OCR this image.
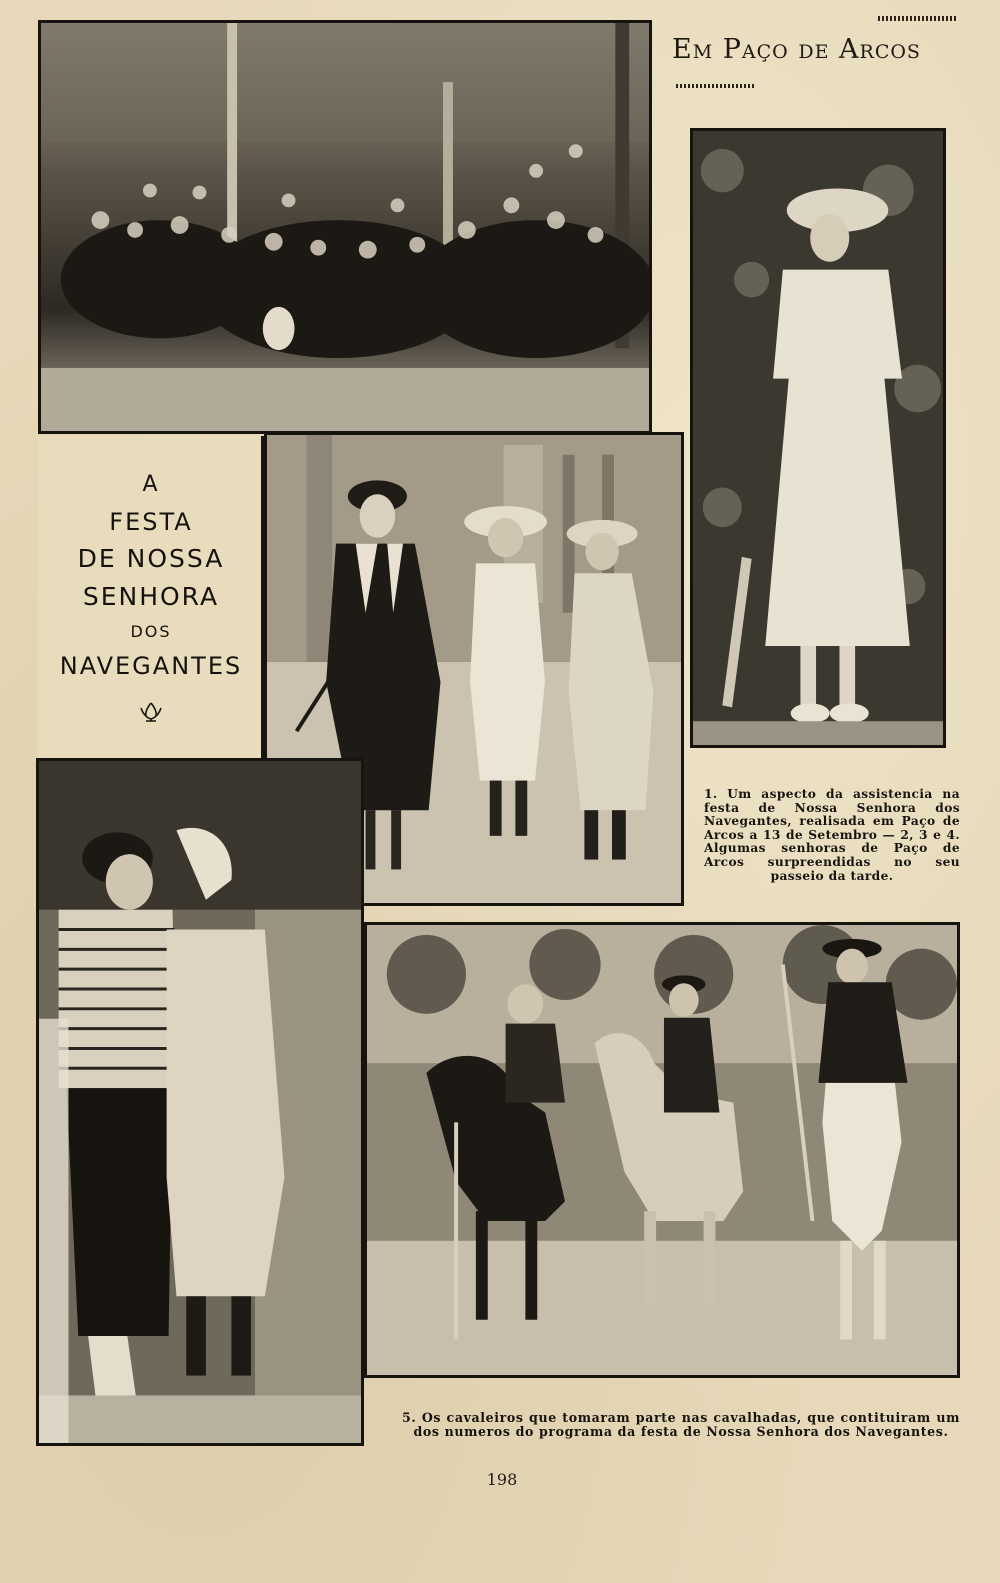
Em Paço de Arcos
A
FESTA
DE NOSSA
SENHORA
DOS
NAVEGANTES
1. Um aspecto da assistencia na festa de Nossa Senhora dos Navegantes, realisada em Paço de Arcos a 13 de Setembro — 2, 3 e 4. Algumas senhoras de Paço de Arcos surpreendidas no seu passeio da tarde.
5. Os cavaleiros que tomaram parte nas cavalhadas, que contituiram um dos numeros do programa da festa de Nossa Senhora dos Navegantes.
198
